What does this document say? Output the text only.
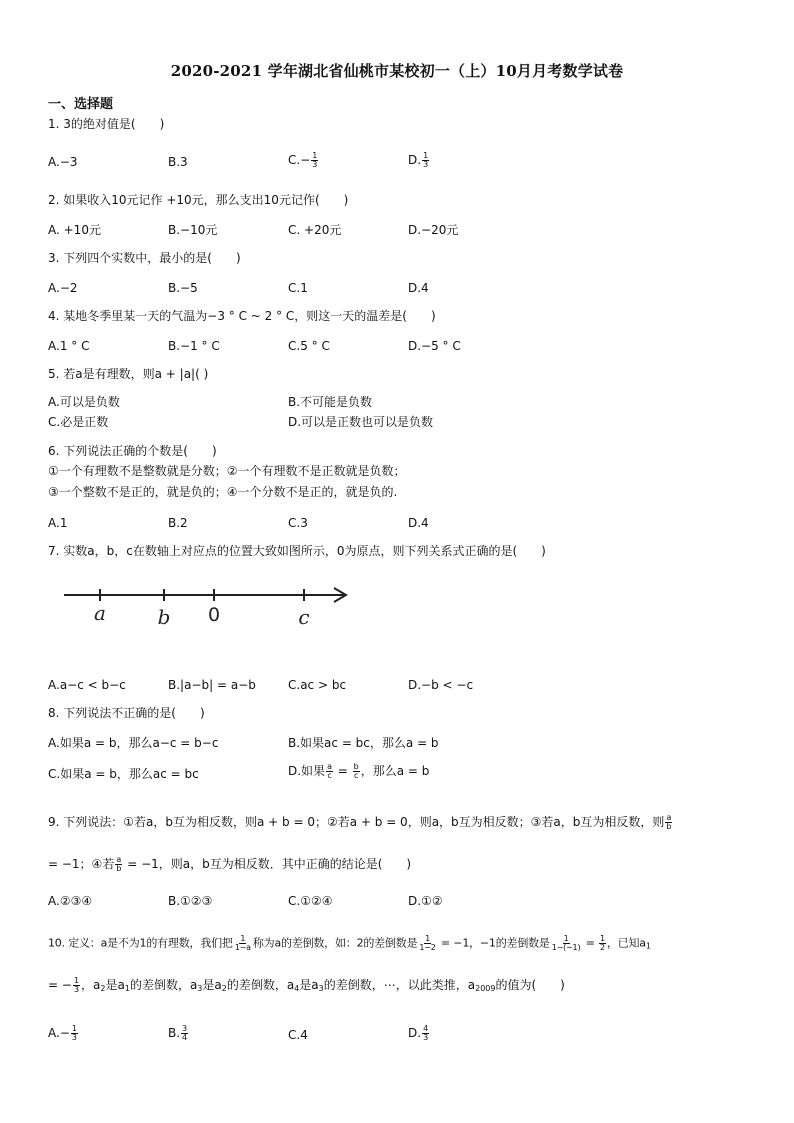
2020-2021 学年湖北省仙桃市某校初一（上）10月月考数学试卷
一、选择题
1. 3的绝对值是(　　)
A.−3	B.3	$C.- \frac{1}{3}$	D. $\frac{1}{3}$
2. 如果收入10元记作 +10元，那么支出10元记作(　　)
A. +10元	B.−10元	C. +20元	D.−20元
3. 下列四个实数中，最小的是(　　)
A.−2	B.−5	C.1	D.4
4. 某地冬季里某一天的气温为−3 ° C ~ 2 ° C，则这一天的温差是(　　)
A.1 ° C	B.−1 ° C	C.5 ° C	D.−5 ° C
5. 若a是有理数，则a + |a|( )
A.可以是负数	B.不可能是负数
C.必是正数	D.可以是正数也可以是负数
6. 下列说法正确的个数是(　　)
①一个有理数不是整数就是分数；②一个有理数不是正数就是负数；
③一个整数不是正的，就是负的；④一个分数不是正的，就是负的.
A.1	B.2	C.3	D.4
7. 实数a，b，c在数轴上对应点的位置大致如图所示，0为原点，则下列关系式正确的是(　　)
a	b 0	c
A.a−c < b−c	B.|a−b| = a−b	C.ac > bc	D.−b < −c
8. 下列说法不正确的是(　　)
A.如果a = b，那么a−c = b−c	B.如果ac = bc，那么a = b
C.如果a = b，那么ac = bc	D.如果 $\frac{a}{c} = \frac{b}{c}$ ，那么a = b
9. 下列说法：①若a，b互为相反数，则a + b = 0；②若a + b = 0，则a，b互为相反数；③若a，b互为相反数，则 $\frac{a}{b}$
= −1；④若 $\frac{a}{b} = -1$，则a，b互为相反数．其中正确的结论是(　　)
A.②③④	B.①②③	C.①②④	D.①②
10. 定义：a是不为1的有理数，我们把 $\frac{1}{1-a}$ 称为a的差倒数，如：2的差倒数是 $\frac{1}{1-2} = -1$，−1的差倒数是 $\frac{1}{1-(-1)} = \frac{1}{2}$ ，已知$a_1$
= − $\frac{1}{3}$ ，$a_2$是$a_1$的差倒数，$a_3$是$a_2$的差倒数，$a_4$是$a_3$的差倒数，⋯，以此类推，$a_{2009}$的值为(　　)
$A.- \frac{1}{3}$	B. $\frac{3}{4}$	C.4	D. $\frac{4}{3}$
